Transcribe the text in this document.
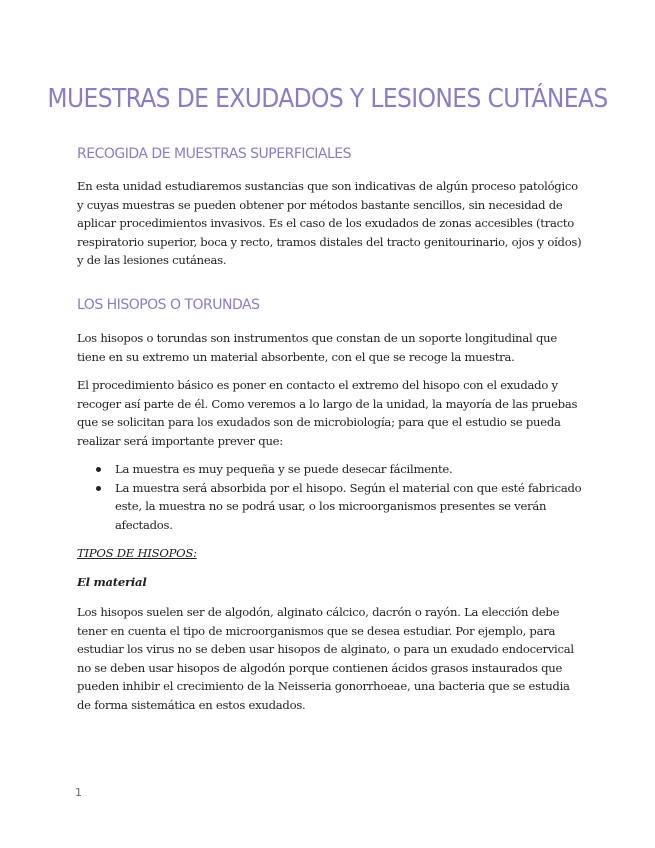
MUESTRAS DE EXUDADOS Y LESIONES CUTÁNEAS
RECOGIDA DE MUESTRAS SUPERFICIALES

En esta unidad estudiaremos sustancias que son indicativas de algún proceso patológico
y cuyas muestras se pueden obtener por métodos bastante sencillos, sin necesidad de
aplicar procedimientos invasivos. Es el caso de los exudados de zonas accesibles (tracto
respiratorio superior, boca y recto, tramos distales del tracto genitourinario, ojos y oídos)
y de las lesiones cutáneas.

LOS HISOPOS O TORUNDAS

Los hisopos o torundas son instrumentos que constan de un soporte longitudinal que
tiene en su extremo un material absorbente, con el que se recoge la muestra.

El procedimiento básico es poner en contacto el extremo del hisopo con el exudado y
recoger así parte de él. Como veremos a lo largo de la unidad, la mayoría de las pruebas
que se solicitan para los exudados son de microbiología; para que el estudio se pueda
realizar será importante prever que:

La muestra es muy pequeña y se puede desecar fácilmente.
La muestra será absorbida por el hisopo. Según el material con que esté fabricado
este, la muestra no se podrá usar, o los microorganismos presentes se verán
afectados.

TIPOS DE HISOPOS:

El material

Los hisopos suelen ser de algodón, alginato cálcico, dacrón o rayón. La elección debe
tener en cuenta el tipo de microorganismos que se desea estudiar. Por ejemplo, para
estudiar los virus no se deben usar hisopos de alginato, o para un exudado endocervical
no se deben usar hisopos de algodón porque contienen ácidos grasos instaurados que
pueden inhibir el crecimiento de la Neisseria gonorrhoeae, una bacteria que se estudia
de forma sistemática en estos exudados.

1
